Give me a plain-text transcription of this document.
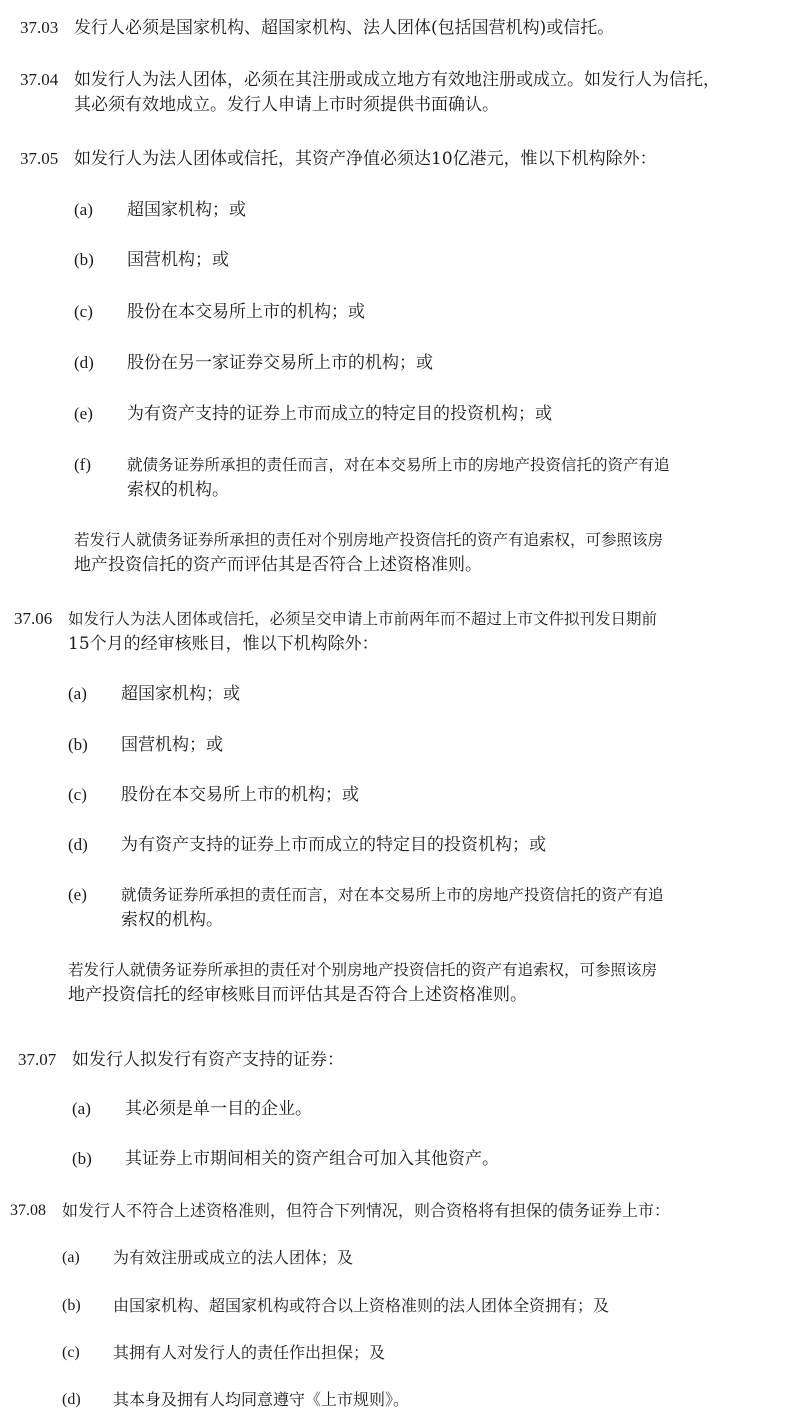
37.03 发行人必须是国家机构、超国家机构、法人团体(包括国营机构)或信托。
37.04 如发行人为法人团体，必须在其注册或成立地方有效地注册或成立。如发行人为信托，
其必须有效地成立。发行人申请上市时须提供书面确认。
37.05 如发行人为法人团体或信托，其资产净值必须达10亿港元，惟以下机构除外：
(a) 超国家机构；或
(b) 国营机构；或
(c) 股份在本交易所上市的机构；或
(d) 股份在另一家证券交易所上市的机构；或
(e) 为有资产支持的证券上市而成立的特定目的投资机构；或
(f) 就债务证券所承担的责任而言，对在本交易所上市的房地产投资信托的资产有追
索权的机构。
若发行人就债务证券所承担的责任对个别房地产投资信托的资产有追索权，可参照该房
地产投资信托的资产而评估其是否符合上述资格准则。
37.06 如发行人为法人团体或信托，必须呈交申请上市前两年而不超过上市文件拟刊发日期前
15个月的经审核账目，惟以下机构除外：
(a) 超国家机构；或
(b) 国营机构；或
(c) 股份在本交易所上市的机构；或
(d) 为有资产支持的证券上市而成立的特定目的投资机构；或
(e) 就债务证券所承担的责任而言，对在本交易所上市的房地产投资信托的资产有追
索权的机构。
若发行人就债务证券所承担的责任对个别房地产投资信托的资产有追索权，可参照该房
地产投资信托的经审核账目而评估其是否符合上述资格准则。
37.07 如发行人拟发行有资产支持的证券：
(a) 其必须是单一目的企业。
(b) 其证券上市期间相关的资产组合可加入其他资产。
37.08 如发行人不符合上述资格准则，但符合下列情况，则合资格将有担保的债务证券上市：
(a) 为有效注册或成立的法人团体；及
(b) 由国家机构、超国家机构或符合以上资格准则的法人团体全资拥有；及
(c) 其拥有人对发行人的责任作出担保；及
(d) 其本身及拥有人均同意遵守《上市规则》。
